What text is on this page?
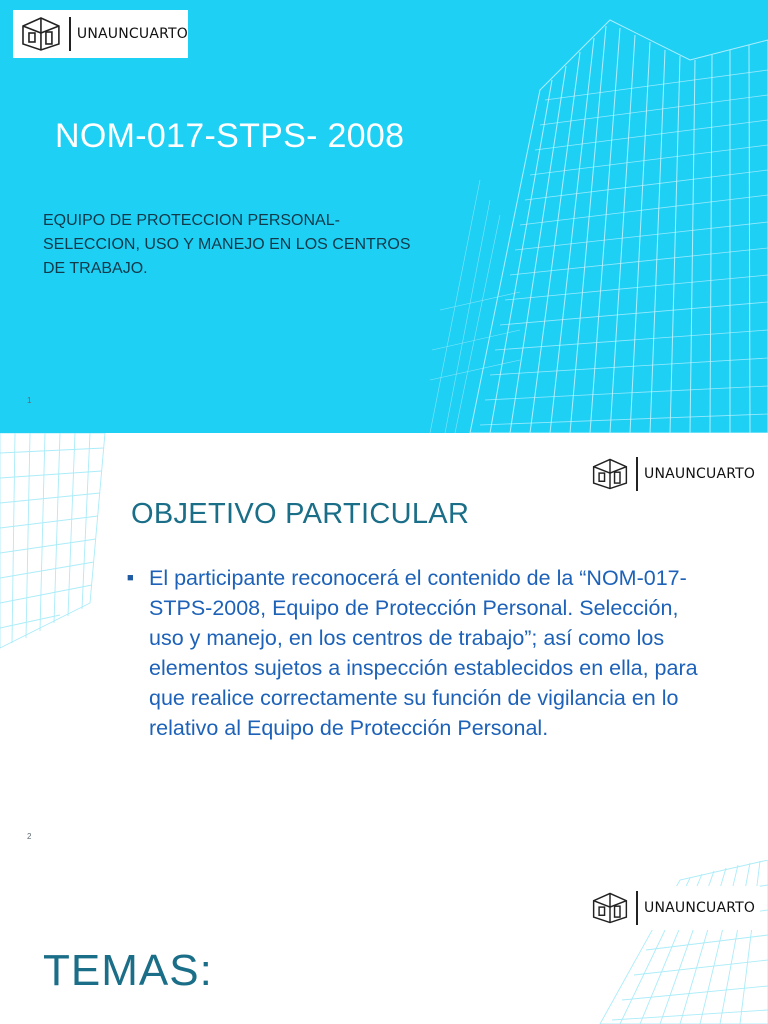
UNAUNCUARTO
NOM-017-STPS- 2008
EQUIPO DE PROTECCION PERSONAL- SELECCION, USO Y MANEJO EN LOS CENTROS DE TRABAJO.
1
UNAUNCUARTO
OBJETIVO PARTICULAR
■ El participante reconocerá el contenido de la “NOM-017-STPS-2008, Equipo de Protección Personal. Selección, uso y manejo, en los centros de trabajo”; así como los elementos sujetos a inspección establecidos en ella, para que realice correctamente su función de vigilancia en lo relativo al Equipo de Protección Personal.
2
UNAUNCUARTO
TEMAS:
